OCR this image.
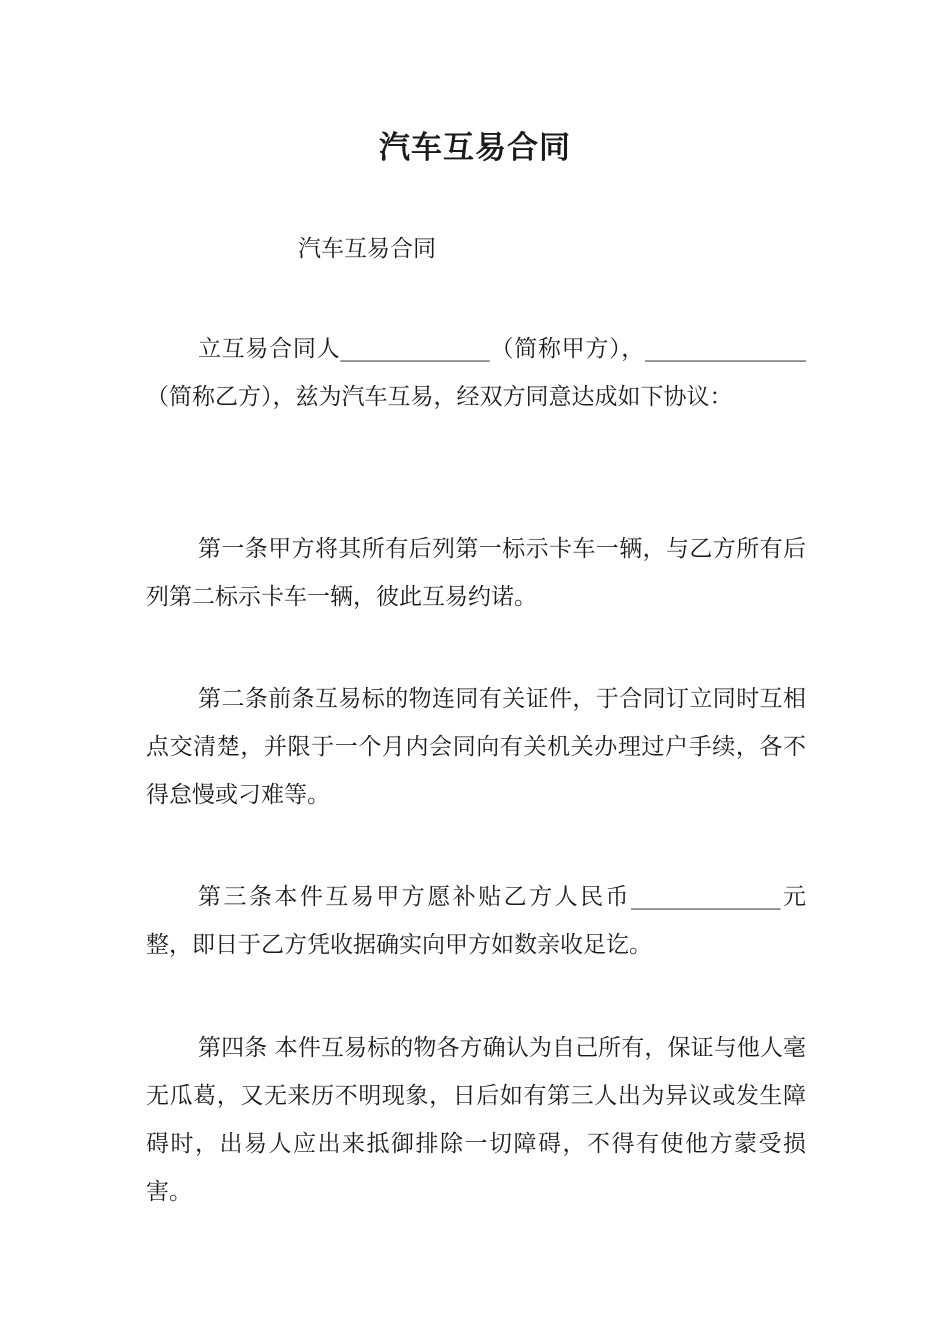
汽车互易合同

汽车互易合同

立互易合同人_____________（简称甲方），______________（简称乙方），兹为汽车互易，经双方同意达成如下协议：

第一条甲方将其所有后列第一标示卡车一辆，与乙方所有后列第二标示卡车一辆，彼此互易约诺。

第二条前条互易标的物连同有关证件，于合同订立同时互相点交清楚，并限于一个月内会同向有关机关办理过户手续，各不得怠慢或刁难等。

第三条本件互易甲方愿补贴乙方人民币_____________元整，即日于乙方凭收据确实向甲方如数亲收足讫。

第四条 本件互易标的物各方确认为自己所有，保证与他人毫无瓜葛，又无来历不明现象，日后如有第三人出为异议或发生障碍时，出易人应出来抵御排除一切障碍，不得有使他方蒙受损害。
